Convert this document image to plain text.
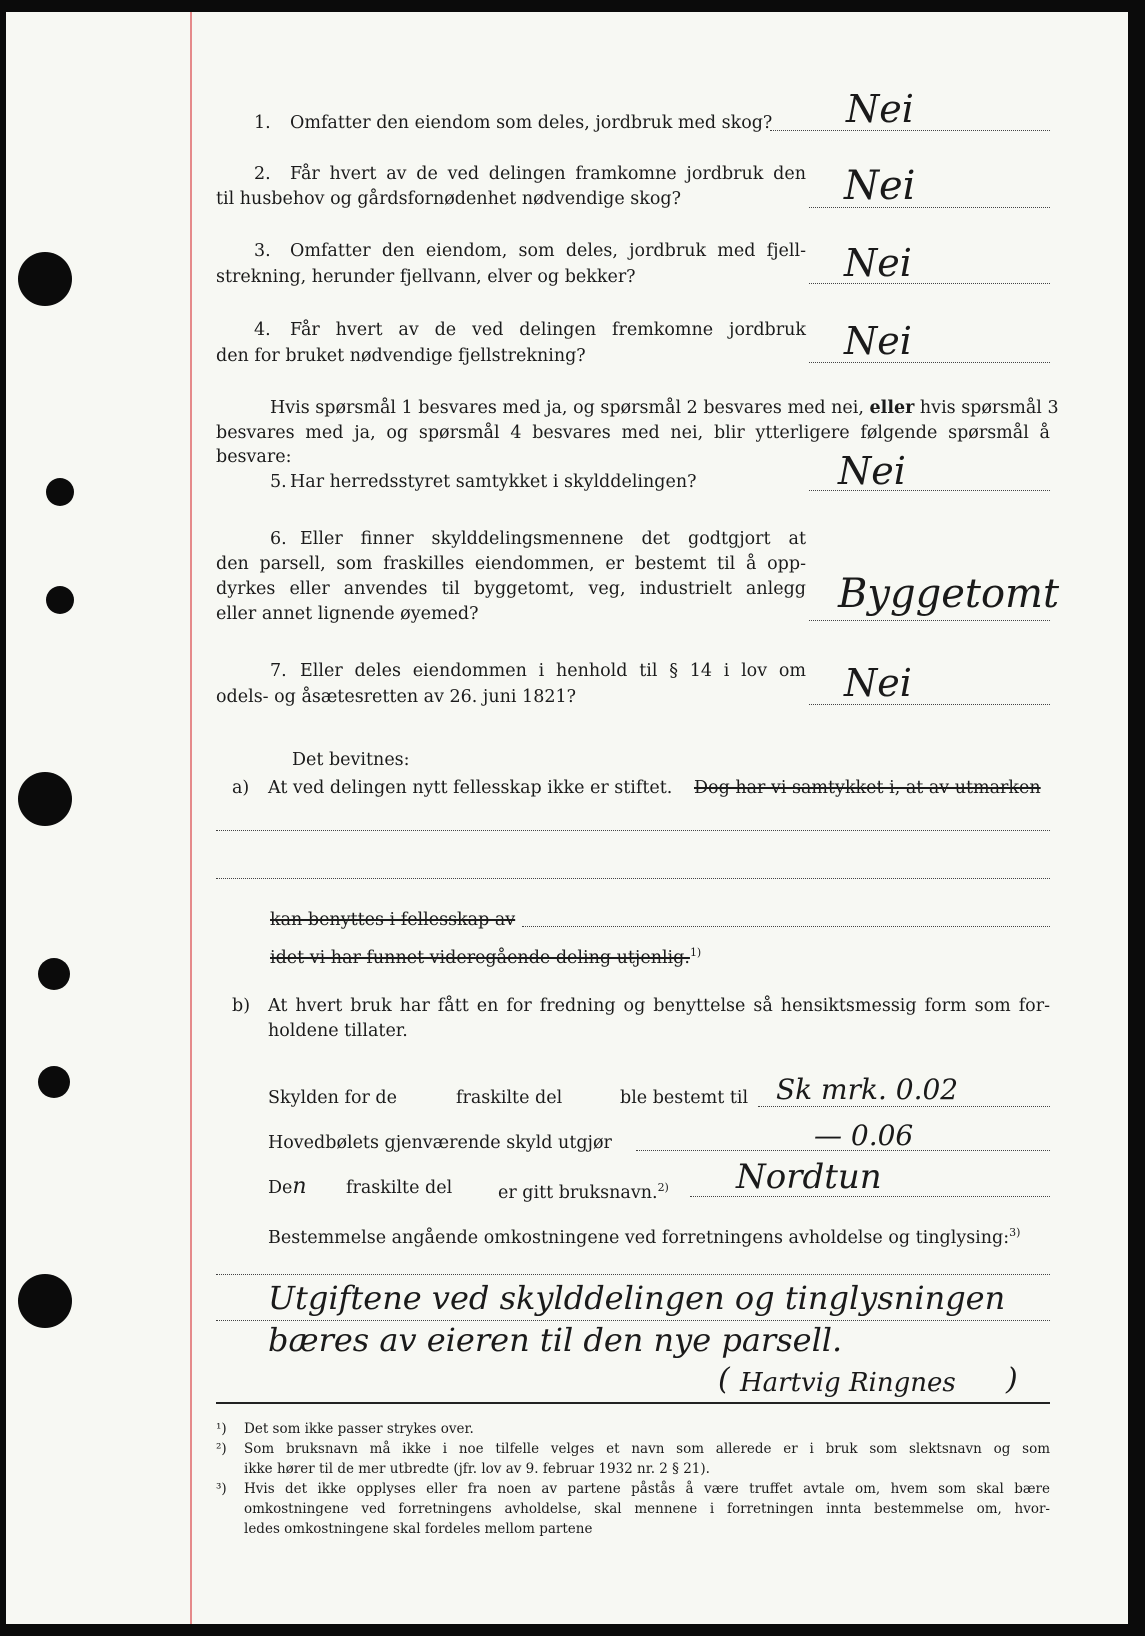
1. Omfatter den eiendom som deles, jordbruk med skog? Nei
2. Får hvert av de ved delingen framkomne jordbruk den
til husbehov og gårdsfornødenhet nødvendige skog?	Nei
3. Omfatter den eiendom, som deles, jordbruk med fjell-
strekning, herunder fjellvann, elver og bekker?	Nei
4. Får hvert av de ved delingen fremkomne jordbruk
den for bruket nødvendige fjellstrekning?	Nei
Hvis spørsmål 1 besvares med ja, og spørsmål 2 besvares med nei, eller hvis spørsmål 3
besvares med ja, og spørsmål 4 besvares med nei, blir ytterligere følgende spørsmål å besvare:
5. Har herredsstyret samtykket i skylddelingen?	Nei
6. Eller finner skylddelingsmennene det godtgjort at
den parsell, som fraskilles eiendommen, er bestemt til å opp-
dyrkes eller anvendes til byggetomt, veg, industrielt anlegg
eller annet lignende øyemed?	Byggetomt
7. Eller deles eiendommen i henhold til § 14 i lov om
odels- og åsætesretten av 26. juni 1821?	Nei
Det bevitnes:
a) At ved delingen nytt fellesskap ikke er stiftet. Dog har vi samtykket i, at av utmarken
kan benyttes i fellesskap av
idet vi har funnet videregående deling utjenlig.$^{1)}$
b) At hvert bruk har fått en for fredning og benyttelse så hensiktsmessig form som for-
holdene tillater.
Skylden for de	fraskilte del	ble bestemt til Sk mrk. 0.02
Hovedbølets gjenværende skyld utgjør	— 0.06
Den fraskilte del	er gitt bruksnavn.$^{2)}$ Nordtun
Bestemmelse angående omkostningene ved forretningens avholdelse og tinglysing:$^{3)}$
Utgiftene ved skylddelingen og tinglysningen
bæres av eieren til den nye parsell.
( Hartvig Ringnes )
¹) Det som ikke passer strykes over.
²) Som bruksnavn må ikke i noe tilfelle velges et navn som allerede er i bruk som slektsnavn og som
ikke hører til de mer utbredte (jfr. lov av 9. februar 1932 nr. 2 § 21).
³) Hvis det ikke opplyses eller fra noen av partene påstås å være truffet avtale om, hvem som skal bære
omkostningene ved forretningens avholdelse, skal mennene i forretningen innta bestemmelse om, hvor-
ledes omkostningene skal fordeles mellom partene
